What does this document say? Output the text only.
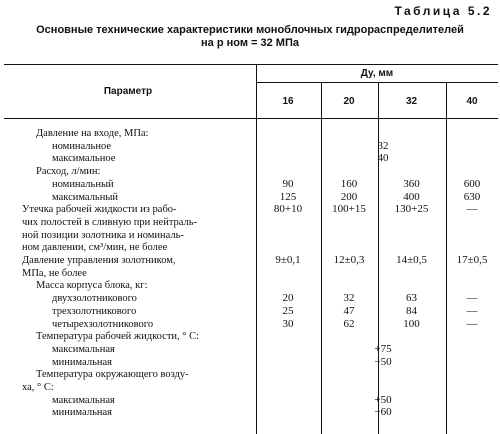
Таблица 5.2
Основные технические характеристики моноблочных гидрораспределителей
на p ном = 32 МПа
Параметр
Ду, мм
16	20	32	40
Давление на входе, МПа:
номинальное	32
максимальное	40
Расход, л/мин:
номинальный	90	160	360	600
максимальный	125	200	400	630
Утечка рабочей жидкости из рабо-	80+10	100+15	130+25	—
чих полостей в сливную при нейтраль-
ной позиции золотника и номиналь-
ном давлении, см³/мин, не более
Давление управления золотником,	9±0,1	12±0,3	14±0,5	17±0,5
МПа, не более
Масса корпуса блока, кг:
двухзолотникового	20	32	63	—
трехзолотникового	25	47	84	—
четырехзолотникового	30	62	100	—
Температура рабочей жидкости, ° С:
максимальная	+75
минимальная	−50
Температура окружающего возду-
ха, ° С:
максимальная	+50
минимальная	−60
